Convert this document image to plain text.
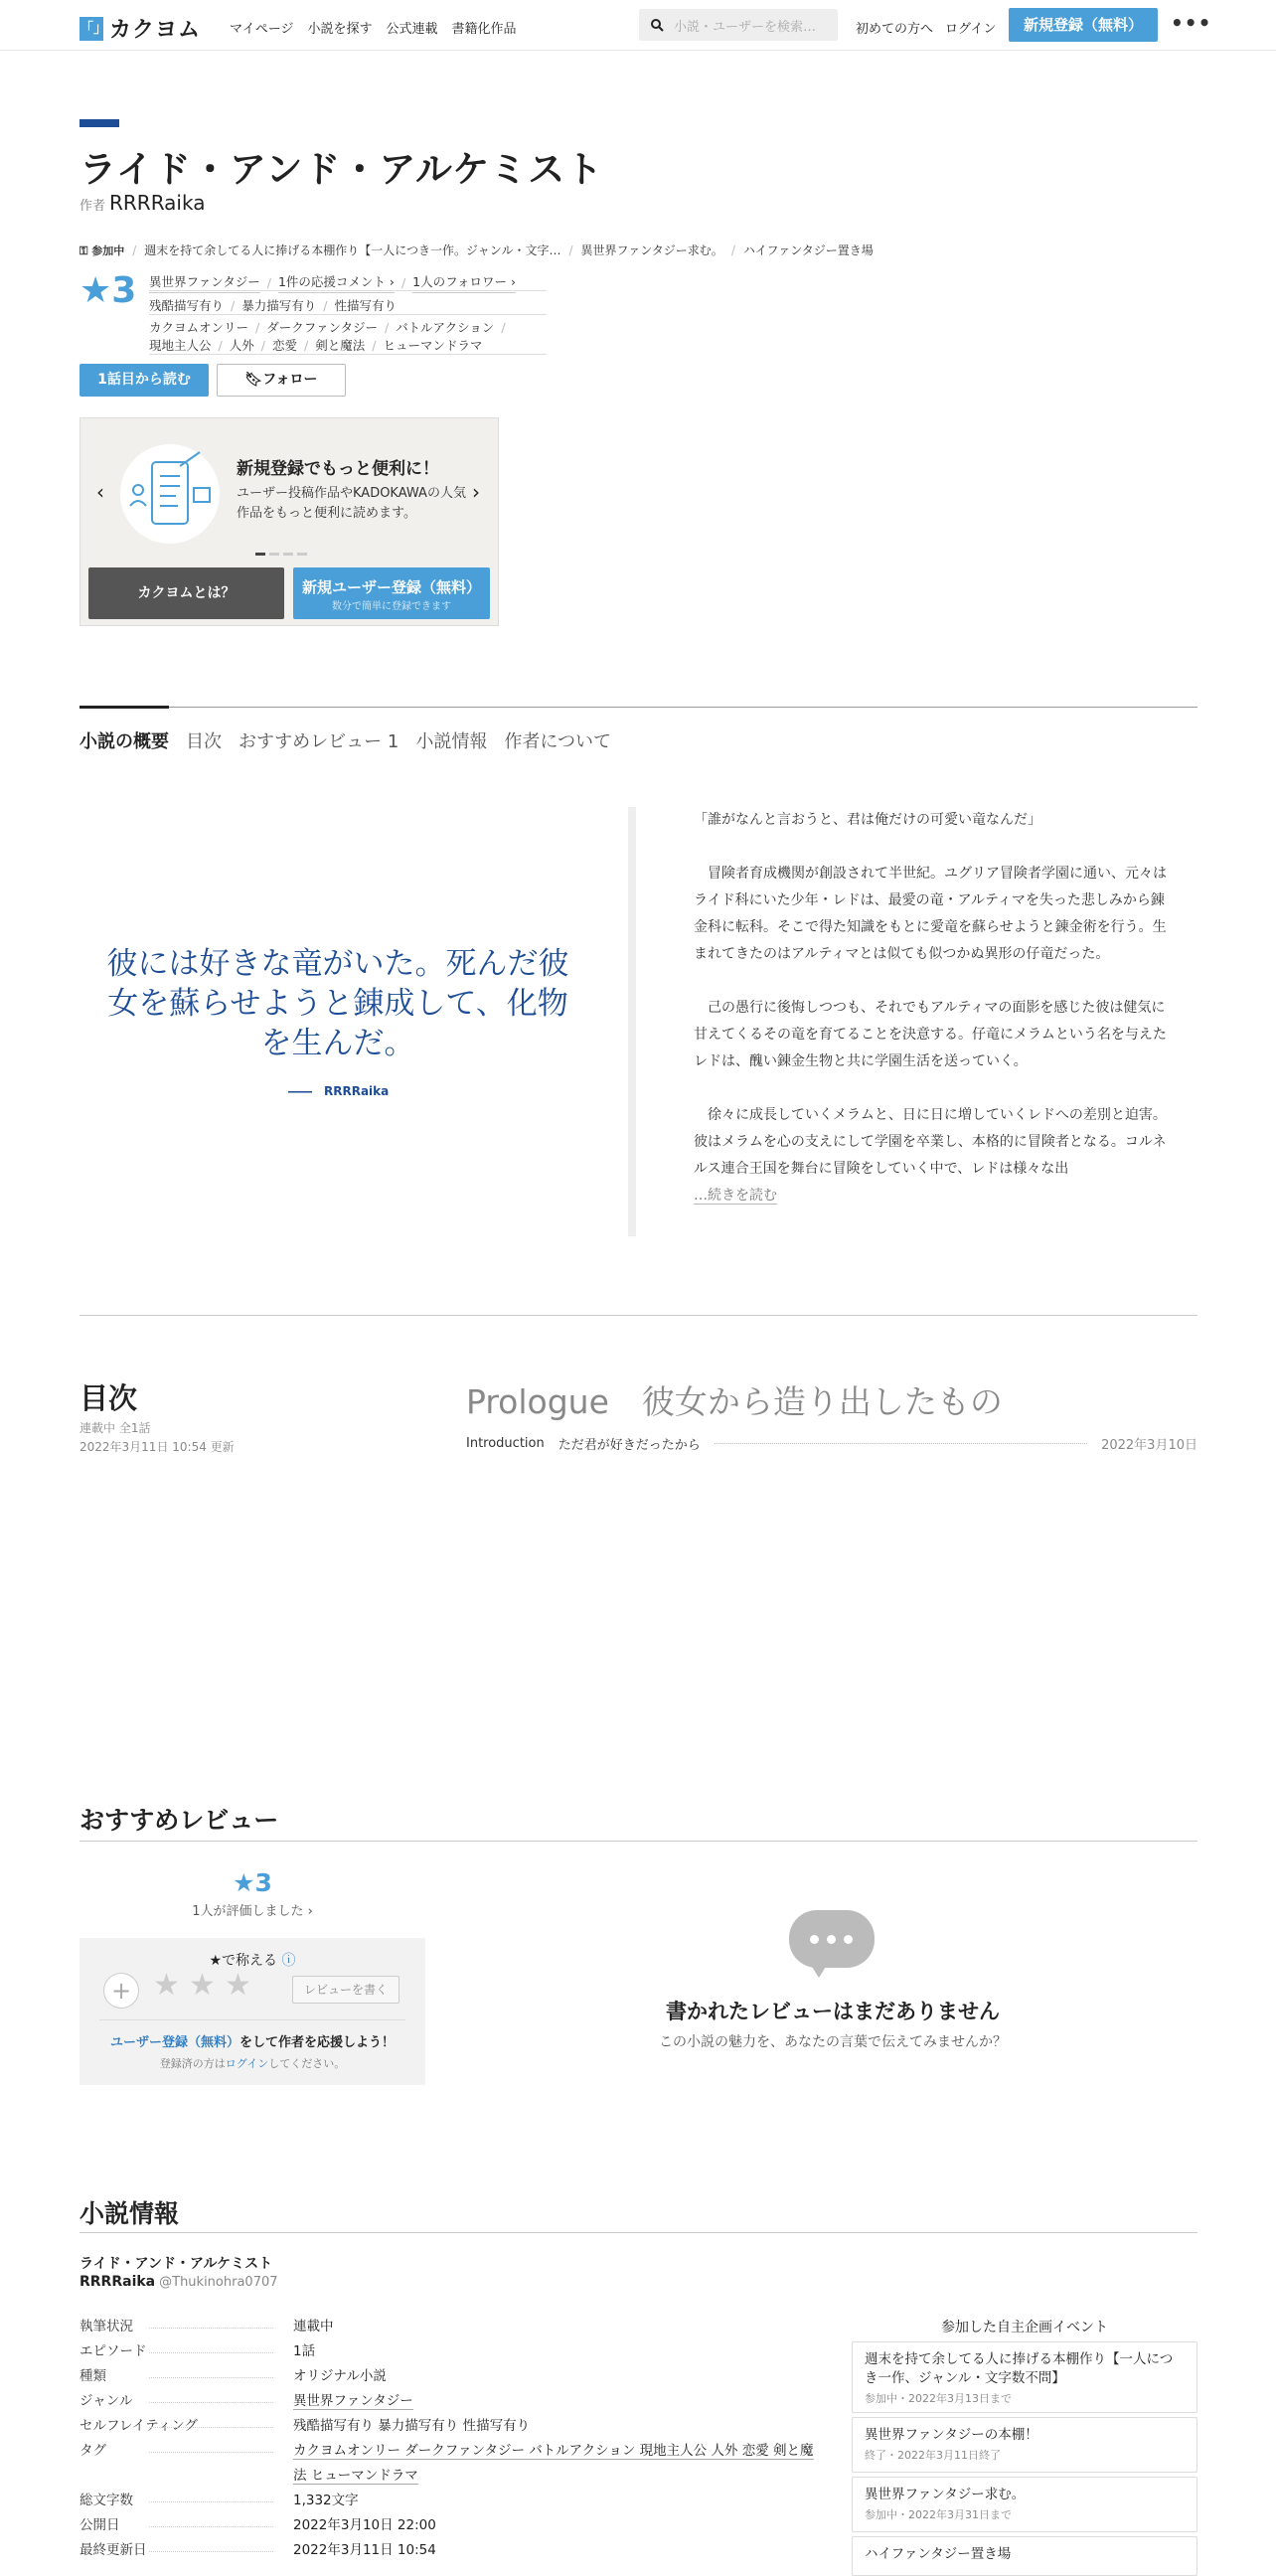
「」 カクヨム マイページ 小説を探す 公式連載 書籍化作品	小説・ユーザーを検索…	初めての方へ ログイン	新規登録（無料）	•••
ライド・アンド・アルケミスト
作者 RRRRaika
⚿ 参加中 / 週末を持て余してる人に捧げる本棚作り【一人につき一作。ジャンル・文字… / 異世界ファンタジー求む。 / ハイファンタジー置き場
★3 異世界ファンタジー / 1件の応援コメント › / 1人のフォロワー ›
残酷描写有り / 暴力描写有り / 性描写有り
カクヨムオンリー / ダークファンタジー / バトルアクション /
現地主人公 / 人外 / 恋愛 / 剣と魔法 / ヒューマンドラマ
1話目から読む	🔖︎フォロー
‹	›
新規登録でもっと便利に！

ユーザー投稿作品やKADOKAWAの人気作品をもっと便利に読めます。

カクヨムとは？	新規ユーザー登録（無料）
数分で簡単に登録できます
小説の概要 目次 おすすめレビュー 1 小説情報 作者について
彼には好きな竜がいた。死んだ彼女を蘇らせようと錬成して、化物を生んだ。
――　RRRRaika

「誰がなんと言おうと、君は俺だけの可愛い竜なんだ」

　冒険者育成機関が創設されて半世紀。ユグリア冒険者学園に通い、元々はライド科にいた少年・レドは、最愛の竜・アルティマを失った悲しみから錬金科に転科。そこで得た知識をもとに愛竜を蘇らせようと錬金術を行う。生まれてきたのはアルティマとは似ても似つかぬ異形の仔竜だった。

　己の愚行に後悔しつつも、それでもアルティマの面影を感じた彼は健気に甘えてくるその竜を育てることを決意する。仔竜にメラムという名を与えたレドは、醜い錬金生物と共に学園生活を送っていく。

　徐々に成長していくメラムと、日に日に増していくレドへの差別と迫害。彼はメラムを心の支えにして学園を卒業し、本格的に冒険者となる。コルネルス連合王国を舞台に冒険をしていく中で、レドは様々な出

…続きを読む
目次
連載中 全1話
2022年3月11日 10:54 更新
Prologue　彼女から造り出したもの
Introduction ただ君が好きだったから	2022年3月10日
おすすめレビュー
★3
1人が評価しました ›
★で称える ⓘ
+ ★ ★ ★	レビューを書く
ユーザー登録（無料）をして作者を応援しよう！
登録済の方はログインしてください。
書かれたレビューはまだありません
この小説の魅力を、あなたの言葉で伝えてみませんか？
小説情報
ライド・アンド・アルケミスト
RRRRaika @Thukinohra0707
執筆状況	連載中
エピソード	1話
種類	オリジナル小説
ジャンル	異世界ファンタジー
セルフレイティング	残酷描写有り 暴力描写有り 性描写有り
タグ	カクヨムオンリー ダークファンタジー バトルアクション 現地主人公 人外 恋愛 剣と魔法 ヒューマンドラマ
総文字数	1,332文字
公開日	2022年3月10日 22:00
最終更新日	2022年3月11日 10:54
参加した自主企画イベント
週末を持て余してる人に捧げる本棚作り【一人につき一作、ジャンル・文字数不問】
参加中・2022年3月13日まで
異世界ファンタジーの本棚！
終了・2022年3月11日終了
異世界ファンタジー求む。
参加中・2022年3月31日まで
ハイファンタジー置き場
